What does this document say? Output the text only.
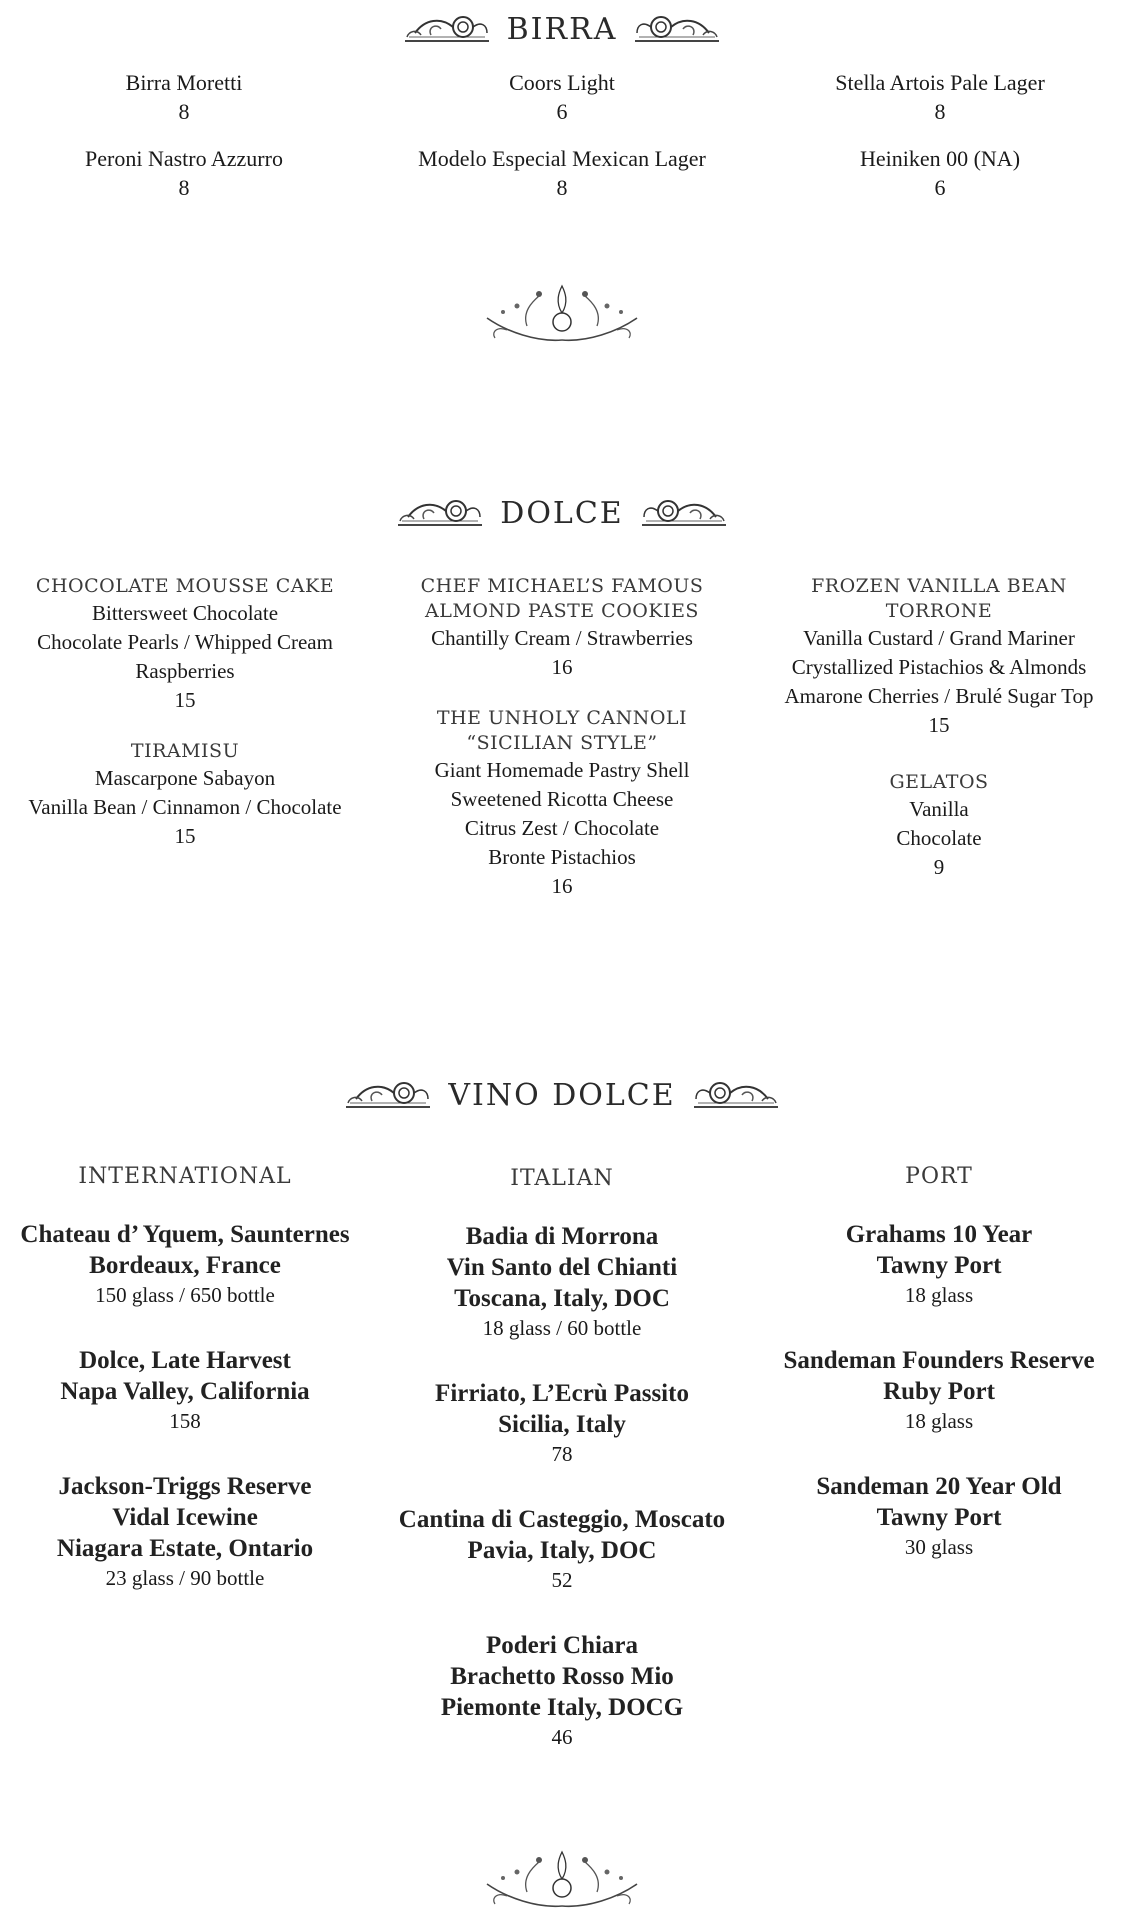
BIRRA
Birra Moretti
8
Coors Light
6
Stella Artois Pale Lager
8
Peroni Nastro Azzurro
8
Modelo Especial Mexican Lager
8
Heiniken 00 (NA)
6
DOLCE
CHOCOLATE MOUSSE CAKE
Bittersweet Chocolate
Chocolate Pearls / Whipped Cream
Raspberries
15
TIRAMISU
Mascarpone Sabayon
Vanilla Bean / Cinnamon / Chocolate
15
CHEF MICHAEL’S FAMOUS
ALMOND PASTE COOKIES
Chantilly Cream / Strawberries
16
THE UNHOLY CANNOLI
“SICILIAN STYLE”
Giant Homemade Pastry Shell
Sweetened Ricotta Cheese
Citrus Zest / Chocolate
Bronte Pistachios
16
FROZEN VANILLA BEAN
TORRONE
Vanilla Custard / Grand Mariner
Crystallized Pistachios & Almonds
Amarone Cherries / Brulé Sugar Top
15
GELATOS
Vanilla
Chocolate
9
VINO DOLCE
INTERNATIONAL
Chateau d’ Yquem, Saunternes
Bordeaux, France
150 glass / 650 bottle
Dolce, Late Harvest
Napa Valley, California
158
Jackson-Triggs Reserve
Vidal Icewine
Niagara Estate, Ontario
23 glass / 90 bottle
ITALIAN
Badia di Morrona
Vin Santo del Chianti
Toscana, Italy, DOC
18 glass / 60 bottle
Firriato, L’Ecrù Passito
Sicilia, Italy
78
Cantina di Casteggio, Moscato
Pavia, Italy, DOC
52
Poderi Chiara
Brachetto Rosso Mio
Piemonte Italy, DOCG
46
PORT
Grahams 10 Year
Tawny Port
18 glass
Sandeman Founders Reserve
Ruby Port
18 glass
Sandeman 20 Year Old
Tawny Port
30 glass
